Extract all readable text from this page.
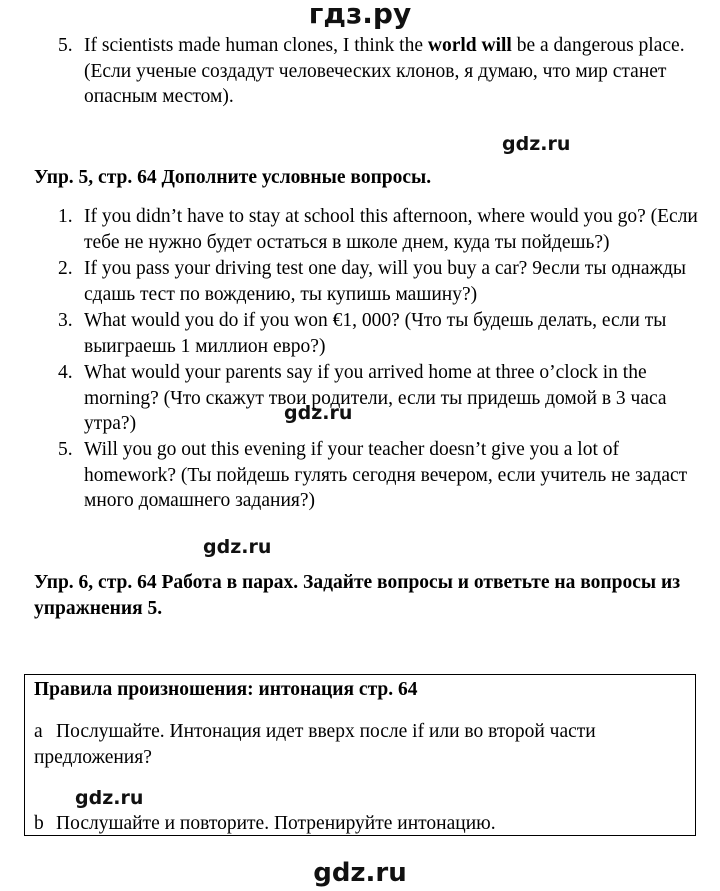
гдз.ру
5. If scientists made human clones, I think the world will be a dangerous place. (Если ученые создадут человеческих клонов, я думаю, что мир станет опасным местом).
gdz.ru
Упр. 5, стр. 64 Дополните условные вопросы.
1. If you didn’t have to stay at school this afternoon, where would you go? (Если тебе не нужно будет остаться в школе днем, куда ты пойдешь?)
2. If you pass your driving test one day, will you buy a car? 9если ты однажды сдашь тест по вождению, ты купишь машину?)
3. What would you do if you won €1, 000? (Что ты будешь делать, если ты выиграешь 1 миллион евро?)
4. What would your parents say if you arrived home at three o’clock in the morning? (Что скажут твои родители, если ты придешь домой в 3 часа утра?)	gdz.ru
5. Will you go out this evening if your teacher doesn’t give you a lot of homework? (Ты пойдешь гулять сегодня вечером, если учитель не задаст много домашнего задания?)
gdz.ru
Упр. 6, стр. 64 Работа в парах. Задайте вопросы и ответьте на вопросы из упражнения 5.
Правила произношения: интонация стр. 64
a Послушайте. Интонация идет вверх после if или во второй части предложения?
gdz.ru
b Послушайте и повторите. Потренируйте интонацию.
gdz.ru
